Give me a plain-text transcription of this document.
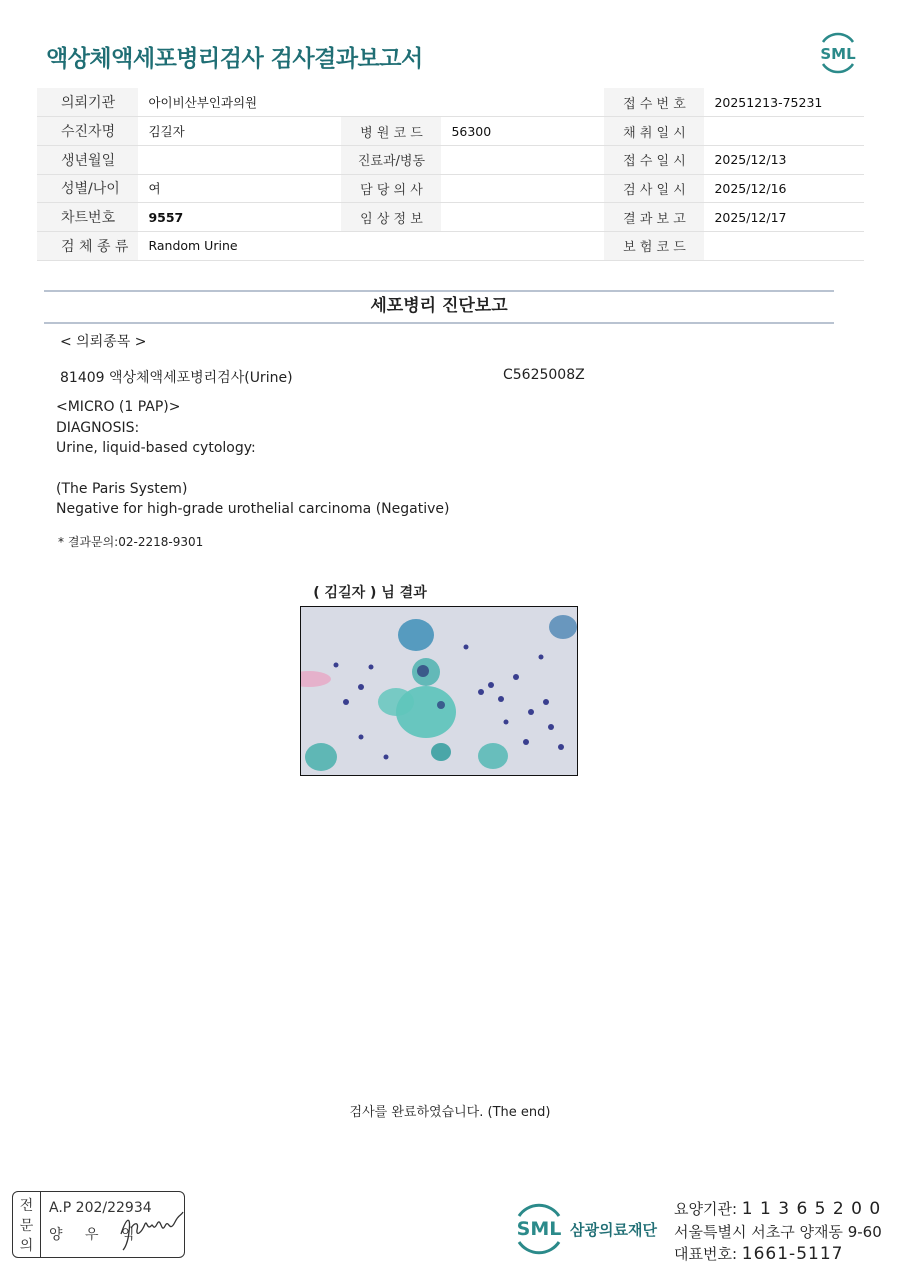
액상체액세포병리검사 검사결과보고서	SML
의뢰기관	아이비산부인과의원			접 수 번 호	20251213-75231
수진자명	김길자	병 원 코 드	56300	채 취 일 시	
생년월일		진료과/병동		접 수 일 시	2025/12/13
성별/나이	여	담 당 의 사		검 사 일 시	2025/12/16
차트번호	9557	임 상 정 보		결 과 보 고	2025/12/17
검 체 종 류	Random Urine			보 험 코 드	
세포병리 진단보고
< 의뢰종목 >
81409 액상체액세포병리검사(Urine)	C5625008Z
<MICRO (1 PAP)>
DIAGNOSIS:
Urine, liquid-based cytology:
(The Paris System)
Negative for high-grade urothelial carcinoma (Negative)
* 결과문의:02-2218-9301
( 김길자 ) 님 결과
검사를 완료하였습니다. (The end)
전
문
의
A.P 202/22934
양 우 익	SML 삼광의료재단
요양기관: 1 1 3 6 5 2 0 0
서울특별시 서초구 양재동 9-60
대표번호: 1661-5117
